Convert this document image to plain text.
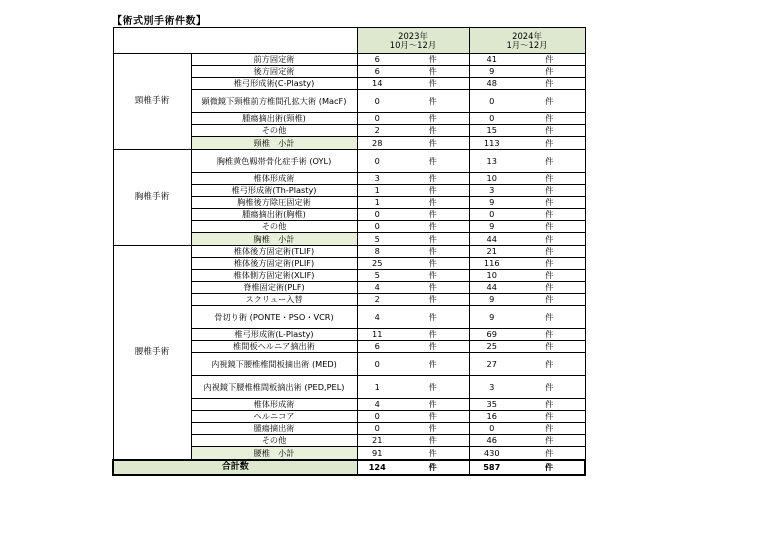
【術式別手術件数】
		2023年
10月～12月		2024年
1月～12月	
頸椎手術	前方固定術	6	件	41	件
	後方固定術	6	件	9	件
	椎弓形成術(C-Plasty)	14	件	48	件
	顕微鏡下頸椎前方椎間孔拡大術 (MacF)	0	件	0	件
	腫瘍摘出術(頸椎)	0	件	0	件
	その他	2	件	15	件
	頸椎　小計	28	件	113	件
胸椎手術	胸椎黄色靱帯骨化症手術 (OYL)	0	件	13	件
	椎体形成術	3	件	10	件
	椎弓形成術(Th-Plasty)	1	件	3	件
	胸椎後方除圧固定術	1	件	9	件
	腫瘍摘出術(胸椎)	0	件	0	件
	その他	0	件	9	件
	胸椎　小計	5	件	44	件
腰椎手術	椎体後方固定術(TLIF)	8	件	21	件
	椎体後方固定術(PLIF)	25	件	116	件
	椎体側方固定術(XLIF)	5	件	10	件
	脊椎固定術(PLF)	4	件	44	件
	スクリュー入替	2	件	9	件
	骨切り術 (PONTE・PSO・VCR)	4	件	9	件
	椎弓形成術(L-Plasty)	11	件	69	件
	椎間板ヘルニア摘出術	6	件	25	件
	内視鏡下腰椎椎間板摘出術 (MED)	0	件	27	件
	内視鏡下腰椎椎間板摘出術 (PED,PEL)	1	件	3	件
	椎体形成術	4	件	35	件
	ヘルニコア	0	件	16	件
	腫瘍摘出術	0	件	0	件
	その他	21	件	46	件
	腰椎　小計	91	件	430	件
合計数		124	件	587	件
